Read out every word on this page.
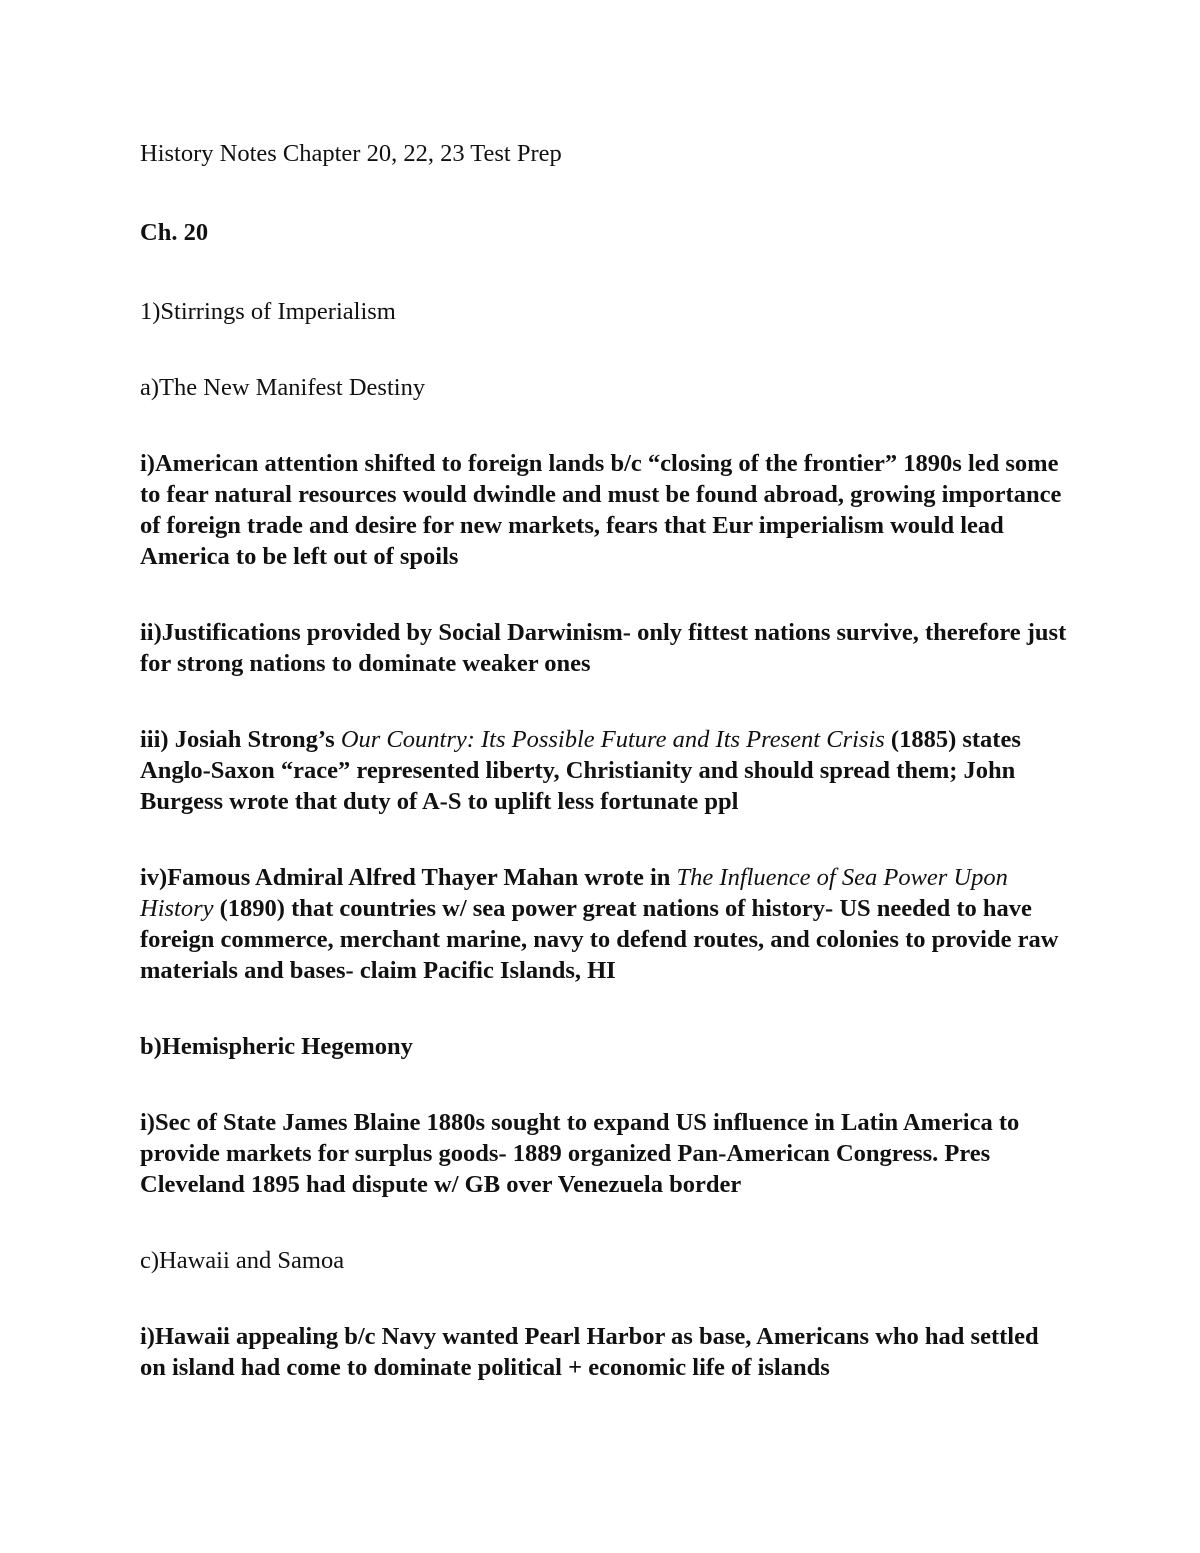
History Notes Chapter 20, 22, 23 Test Prep
Ch. 20
1)Stirrings of Imperialism
a)The New Manifest Destiny
i)American attention shifted to foreign lands b/c “closing of the frontier” 1890s led some to fear natural resources would dwindle and must be found abroad, growing importance of foreign trade and desire for new markets, fears that Eur imperialism would lead America to be left out of spoils
ii)Justifications provided by Social Darwinism- only fittest nations survive, therefore just for strong nations to dominate weaker ones
iii) Josiah Strong’s Our Country: Its Possible Future and Its Present Crisis (1885) states Anglo-Saxon “race” represented liberty, Christianity and should spread them; John Burgess wrote that duty of A-S to uplift less fortunate ppl
iv)Famous Admiral Alfred Thayer Mahan wrote in The Influence of Sea Power Upon History (1890) that countries w/ sea power great nations of history- US needed to have foreign commerce, merchant marine, navy to defend routes, and colonies to provide raw materials and bases- claim Pacific Islands, HI
b)Hemispheric Hegemony
i)Sec of State James Blaine 1880s sought to expand US influence in Latin America to provide markets for surplus goods- 1889 organized Pan-American Congress. Pres Cleveland 1895 had dispute w/ GB over Venezuela border
c)Hawaii and Samoa
i)Hawaii appealing b/c Navy wanted Pearl Harbor as base, Americans who had settled on island had come to dominate political + economic life of islands
